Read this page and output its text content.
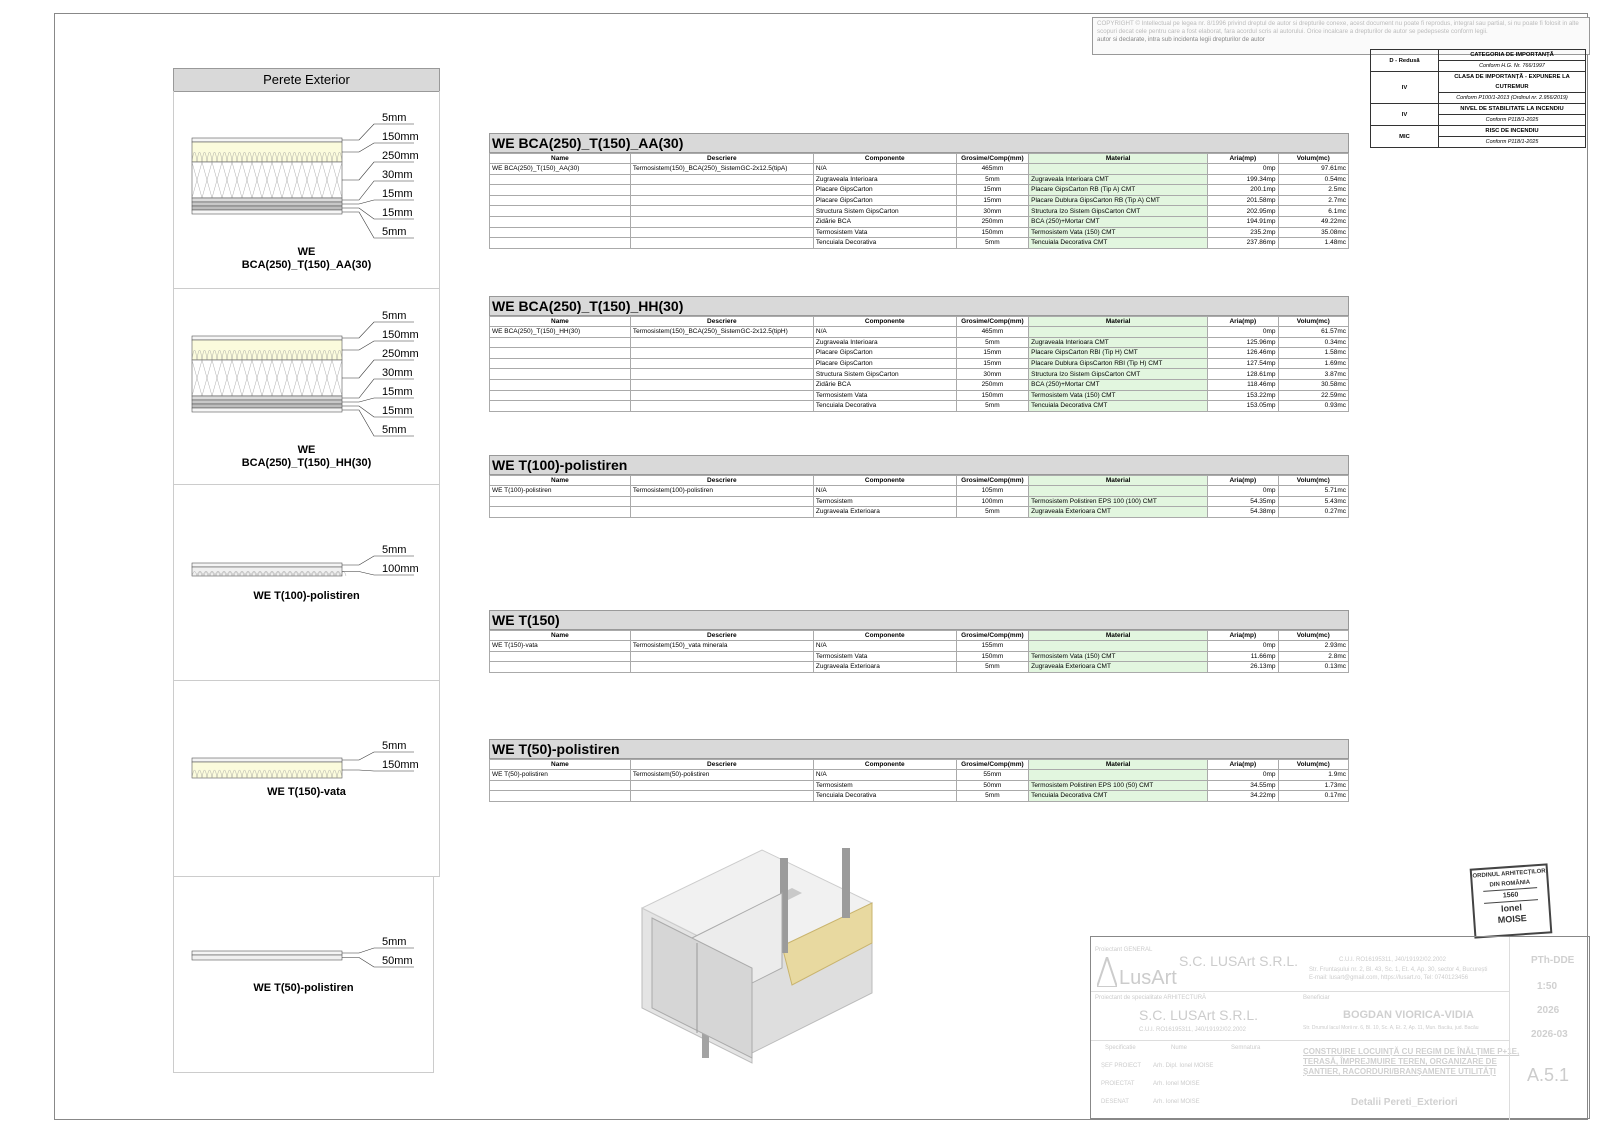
COPYRIGHT © Intellectual pe legea nr. 8/1996 privind dreptul de autor si drepturile conexe, acest document nu poate fi reprodus, integral sau partial, si nu poate fi folosit in alte scopuri decat cele pentru care a fost elaborat, fara acordul scris al autorului. Orice incalcare a drepturilor de autor se pedepseste conform legii.
autor si declarate, intra sub incidenta legii drepturilor de autor
D - Redusă	CATEGORIA DE IMPORTANȚĂ
	Conform H.G. Nr. 766/1997
IV	CLASA DE IMPORTANȚĂ - EXPUNERE LA CUTREMUR
	Conform P100/1-2013 (Ordinul nr. 2.956/2019)
IV	NIVEL DE STABILITATE LA INCENDIU
	Conform P118/1-2025
MIC	RISC DE INCENDIU
	Conform P118/1-2025
Perete Exterior
5mm
150mm
250mm
30mm
15mm
15mm
5mm
WE
BCA(250)_T(150)_AA(30)
5mm
150mm
250mm
30mm
15mm
15mm
5mm
WE
BCA(250)_T(150)_HH(30)
5mm
100mm
WE T(100)-polistiren
5mm
150mm
WE T(150)-vata
5mm
50mm
WE T(50)-polistiren
WE BCA(250)_T(150)_AA(30)
Name	Descriere	Componente	Grosime/Comp(mm)	Material	Aria(mp)	Volum(mc)
WE BCA(250)_T(150)_AA(30)	Termosistem(150)_BCA(250)_SistemGC-2x12.5(tipA)	N/A	465mm		0mp	97.61mc
		Zugraveala Interioara	5mm	Zugraveala Interioara CMT	199.34mp	0.54mc
		Placare GipsCarton	15mm	Placare GipsCarton RB (Tip A) CMT	200.1mp	2.5mc
		Placare GipsCarton	15mm	Placare Dublura GipsCarton RB (Tip A) CMT	201.58mp	2.7mc
		Structura Sistem GipsCarton	30mm	Structura Izo Sistem GipsCarton CMT	202.95mp	6.1mc
		Zidărie BCA	250mm	BCA (250)+Mortar CMT	194.91mp	49.22mc
		Termosistem Vata	150mm	Termosistem Vata (150) CMT	235.2mp	35.08mc
		Tencuiala Decorativa	5mm	Tencuiala Decorativa CMT	237.86mp	1.48mc
WE BCA(250)_T(150)_HH(30)
Name	Descriere	Componente	Grosime/Comp(mm)	Material	Aria(mp)	Volum(mc)
WE BCA(250)_T(150)_HH(30)	Termosistem(150)_BCA(250)_SistemGC-2x12.5(tipH)	N/A	465mm		0mp	61.57mc
		Zugraveala Interioara	5mm	Zugraveala Interioara CMT	125.96mp	0.34mc
		Placare GipsCarton	15mm	Placare GipsCarton RBI (Tip H) CMT	126.46mp	1.58mc
		Placare GipsCarton	15mm	Placare Dublura GipsCarton RBI (Tip H) CMT	127.54mp	1.69mc
		Structura Sistem GipsCarton	30mm	Structura Izo Sistem GipsCarton CMT	128.61mp	3.87mc
		Zidărie BCA	250mm	BCA (250)+Mortar CMT	118.46mp	30.58mc
		Termosistem Vata	150mm	Termosistem Vata (150) CMT	153.22mp	22.59mc
		Tencuiala Decorativa	5mm	Tencuiala Decorativa CMT	153.05mp	0.93mc
WE T(100)-polistiren
Name	Descriere	Componente	Grosime/Comp(mm)	Material	Aria(mp)	Volum(mc)
WE T(100)-polistiren	Termosistem(100)-polistiren	N/A	105mm		0mp	5.71mc
		Termosistem	100mm	Termosistem Polistiren EPS 100 (100) CMT	54.35mp	5.43mc
		Zugraveala Exterioara	5mm	Zugraveala Exterioara CMT	54.38mp	0.27mc
WE T(150)
Name	Descriere	Componente	Grosime/Comp(mm)	Material	Aria(mp)	Volum(mc)
WE T(150)-vata	Termosistem(150)_vata minerala	N/A	155mm		0mp	2.93mc
		Termosistem Vata	150mm	Termosistem Vata (150) CMT	11.66mp	2.8mc
		Zugraveala Exterioara	5mm	Zugraveala Exterioara CMT	26.13mp	0.13mc
WE T(50)-polistiren
Name	Descriere	Componente	Grosime/Comp(mm)	Material	Aria(mp)	Volum(mc)
WE T(50)-polistiren	Termosistem(50)-polistiren	N/A	55mm		0mp	1.9mc
		Termosistem	50mm	Termosistem Polistiren EPS 100 (50) CMT	34.55mp	1.73mc
		Tencuiala Decorativa	5mm	Tencuiala Decorativa CMT	34.22mp	0.17mc
ORDINUL ARHITECȚILOR
DIN ROMÂNIA
1560
Ionel
MOISE
Proiectant GENERAL
S.C. LUSArt S.R.L.
LusArt
C.U.I. RO16195311, J40/19192/02.2002
Str. Fruntașului nr. 2, Bl. 43, Sc. 1, Et. 4, Ap. 30, sector 4, București
E-mail: lusart@gmail.com, https://lusart.ro, Tel: 0740123456
Proiectant de specialitate ARHITECTURĂ
S.C. LUSArt S.R.L.
C.U.I. RO16195311, J40/19192/02.2002
Beneficiar
BOGDAN VIORICA-VIDIA
Str. Drumul lacul Morii nr. 6, Bl. 10, Sc. A, Et. 2, Ap. 11, Mun. Bacău, jud. Bacău
Specificatie	Nume	Semnatura
ȘEF PROIECT Arh. Dipl. Ionel MOISE
PROIECTAT	Arh. Ionel MOISE
DESENAT	Arh. Ionel MOISE
CONSTRUIRE LOCUINȚĂ CU REGIM DE ÎNĂLȚIME P+1E, TERASĂ, ÎMPREJMUIRE TEREN, ORGANIZARE DE ȘANTIER, RACORDURI/BRANȘAMENTE UTILITĂȚI
Detalii Pereti_Exteriori
PTh-DDE
1:50
2026
2026-03
A.5.1
